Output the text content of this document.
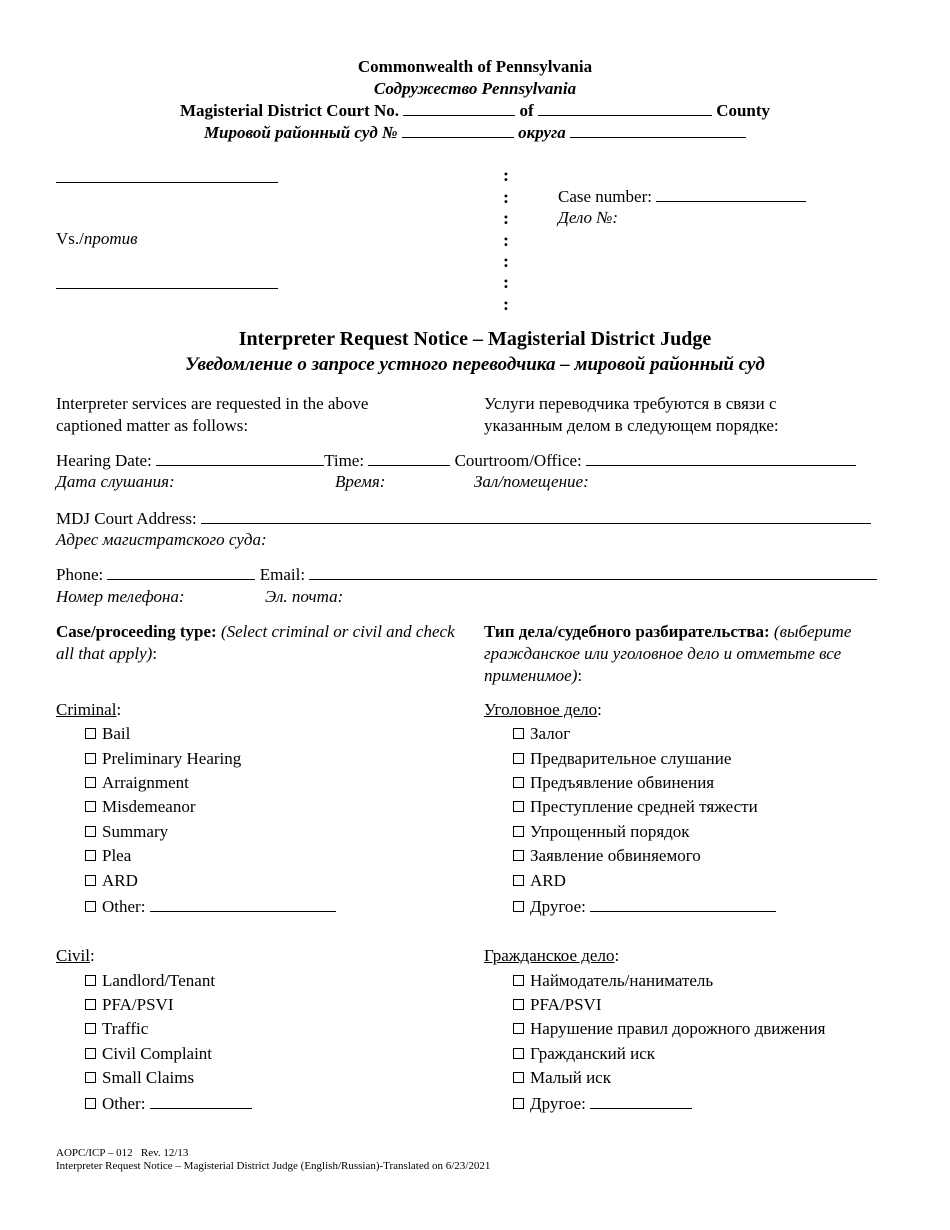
Commonwealth of Pennsylvania
Содружество Pennsylvania
Magisterial District Court No.	of	County
Мировой районный суд №	округа
Vs./против
:
:
:
:
:
:
:
Case number:
Дело №:
Interpreter Request Notice – Magisterial District Judge
Уведомление о запросе устного переводчика – мировой районный суд
Interpreter services are requested in the above captioned matter as follows:
Услуги переводчика требуются в связи с указанным делом в следующем порядке:
Hearing Date:	Time:	Courtroom/Office:
Дата слушания:	Время:	Зал/помещение:
MDJ Court Address:
Адрес магистратского суда:
Phone:	Email:
Номер телефона:	Эл. почта:
Case/proceeding type: (Select criminal or civil and check all that apply):
Тип дела/судебного разбирательства: (выберите гражданское или уголовное дело и отметьте все применимое):
Criminal:	Уголовное дело:
Bail
Preliminary Hearing
Arraignment
Misdemeanor
Summary
Plea
ARD
Other:
Залог
Предварительное слушание
Предъявление обвинения
Преступление средней тяжести
Упрощенный порядок
Заявление обвиняемого
ARD
Другое:
Civil:	Гражданское дело:
Landlord/Tenant
PFA/PSVI
Traffic
Civil Complaint
Small Claims
Other:
Наймодатель/наниматель
PFA/PSVI
Нарушение правил дорожного движения
Гражданский иск
Малый иск
Другое:
AOPC/ICP – 012   Rev. 12/13
Interpreter Request Notice – Magisterial District Judge (English/Russian)-Translated on 6/23/2021
